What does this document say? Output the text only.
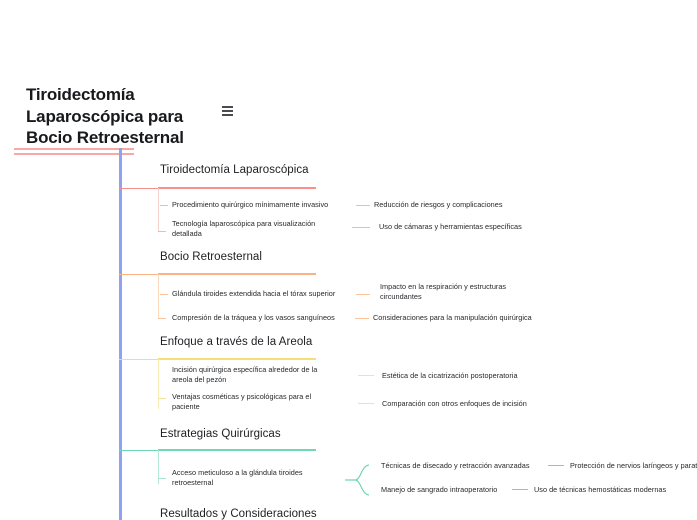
Tiroidectomía
Laparoscópica para
Bocio Retroesternal
Tiroidectomía Laparoscópica
Procedimiento quirúrgico mínimamente invasivo	Reducción de riesgos y complicaciones
Tecnología laparoscópica para visualización detallada
Uso de cámaras y herramientas específicas
Bocio Retroesternal
Glándula tiroides extendida hacia el tórax superior
Impacto en la respiración y estructuras circundantes
Compresión de la tráquea y los vasos sanguíneos	Consideraciones para la manipulación quirúrgica
Enfoque a través de la Areola
Incisión quirúrgica específica alrededor de la areola del pezón	Estética de la cicatrización postoperatoria
Ventajas cosméticas y psicológicas para el paciente	Comparación con otros enfoques de incisión
Estrategias Quirúrgicas
Acceso meticuloso a la glándula tiroides retroesternal
Técnicas de disecado y retracción avanzadas	Protección de nervios laríngeos y parat
Manejo de sangrado intraoperatorio	Uso de técnicas hemostáticas modernas
Resultados y Consideraciones
